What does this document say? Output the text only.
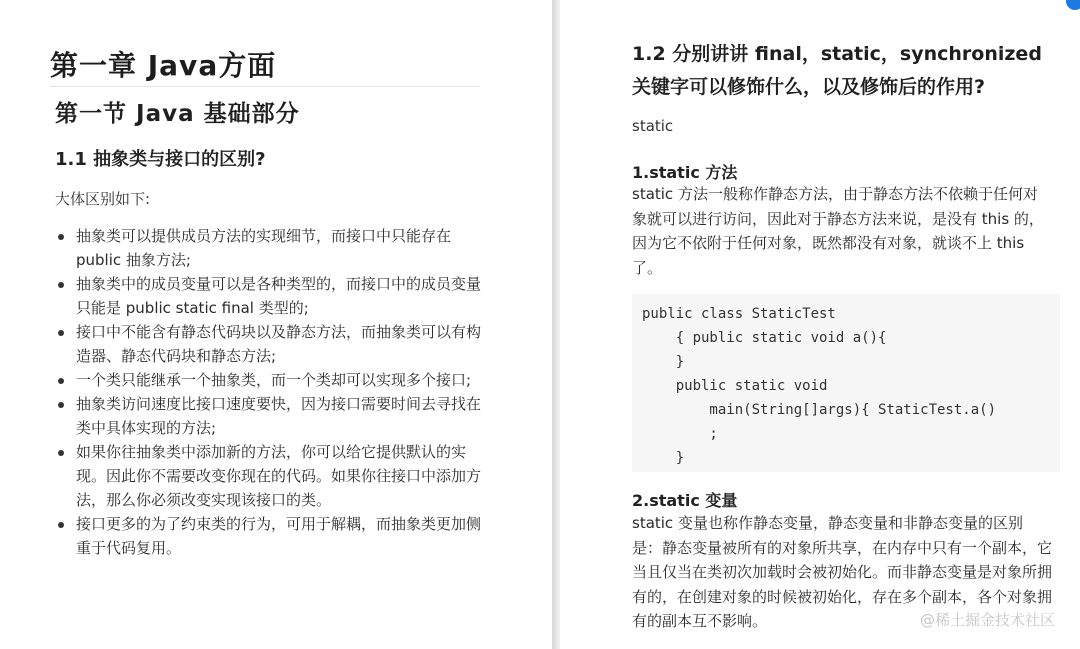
第一章 Java方面
第一节 Java 基础部分
1.1 抽象类与接口的区别?
大体区别如下:
抽象类可以提供成员方法的实现细节，而接口中只能存在 public 抽象方法;
抽象类中的成员变量可以是各种类型的，而接口中的成员变量只能是 public static final 类型的;
接口中不能含有静态代码块以及静态方法，而抽象类可以有构造器、静态代码块和静态方法;
一个类只能继承一个抽象类，而一个类却可以实现多个接口;
抽象类访问速度比接口速度要快，因为接口需要时间去寻找在类中具体实现的方法;
如果你往抽象类中添加新的方法，你可以给它提供默认的实现。因此你不需要改变你现在的代码。如果你往接口中添加方法，那么你必须改变实现该接口的类。
接口更多的为了约束类的行为，可用于解耦，而抽象类更加侧重于代码复用。
1.2 分别讲讲 final，static，synchronized 关键字可以修饰什么，以及修饰后的作用?
static
1.static 方法
static 方法一般称作静态方法，由于静态方法不依赖于任何对象就可以进行访问，因此对于静态方法来说，是没有 this 的，因为它不依附于任何对象，既然都没有对象，就谈不上 this 了。
public class StaticTest
{ public static void a(){
}
public static void
main(String[]args){ StaticTest.a()
;
}
2.static 变量
static 变量也称作静态变量，静态变量和非静态变量的区别是：静态变量被所有的对象所共享，在内存中只有一个副本，它当且仅当在类初次加载时会被初始化。而非静态变量是对象所拥有的，在创建对象的时候被初始化，存在多个副本，各个对象拥有的副本互不影响。	@稀土掘金技术社区
